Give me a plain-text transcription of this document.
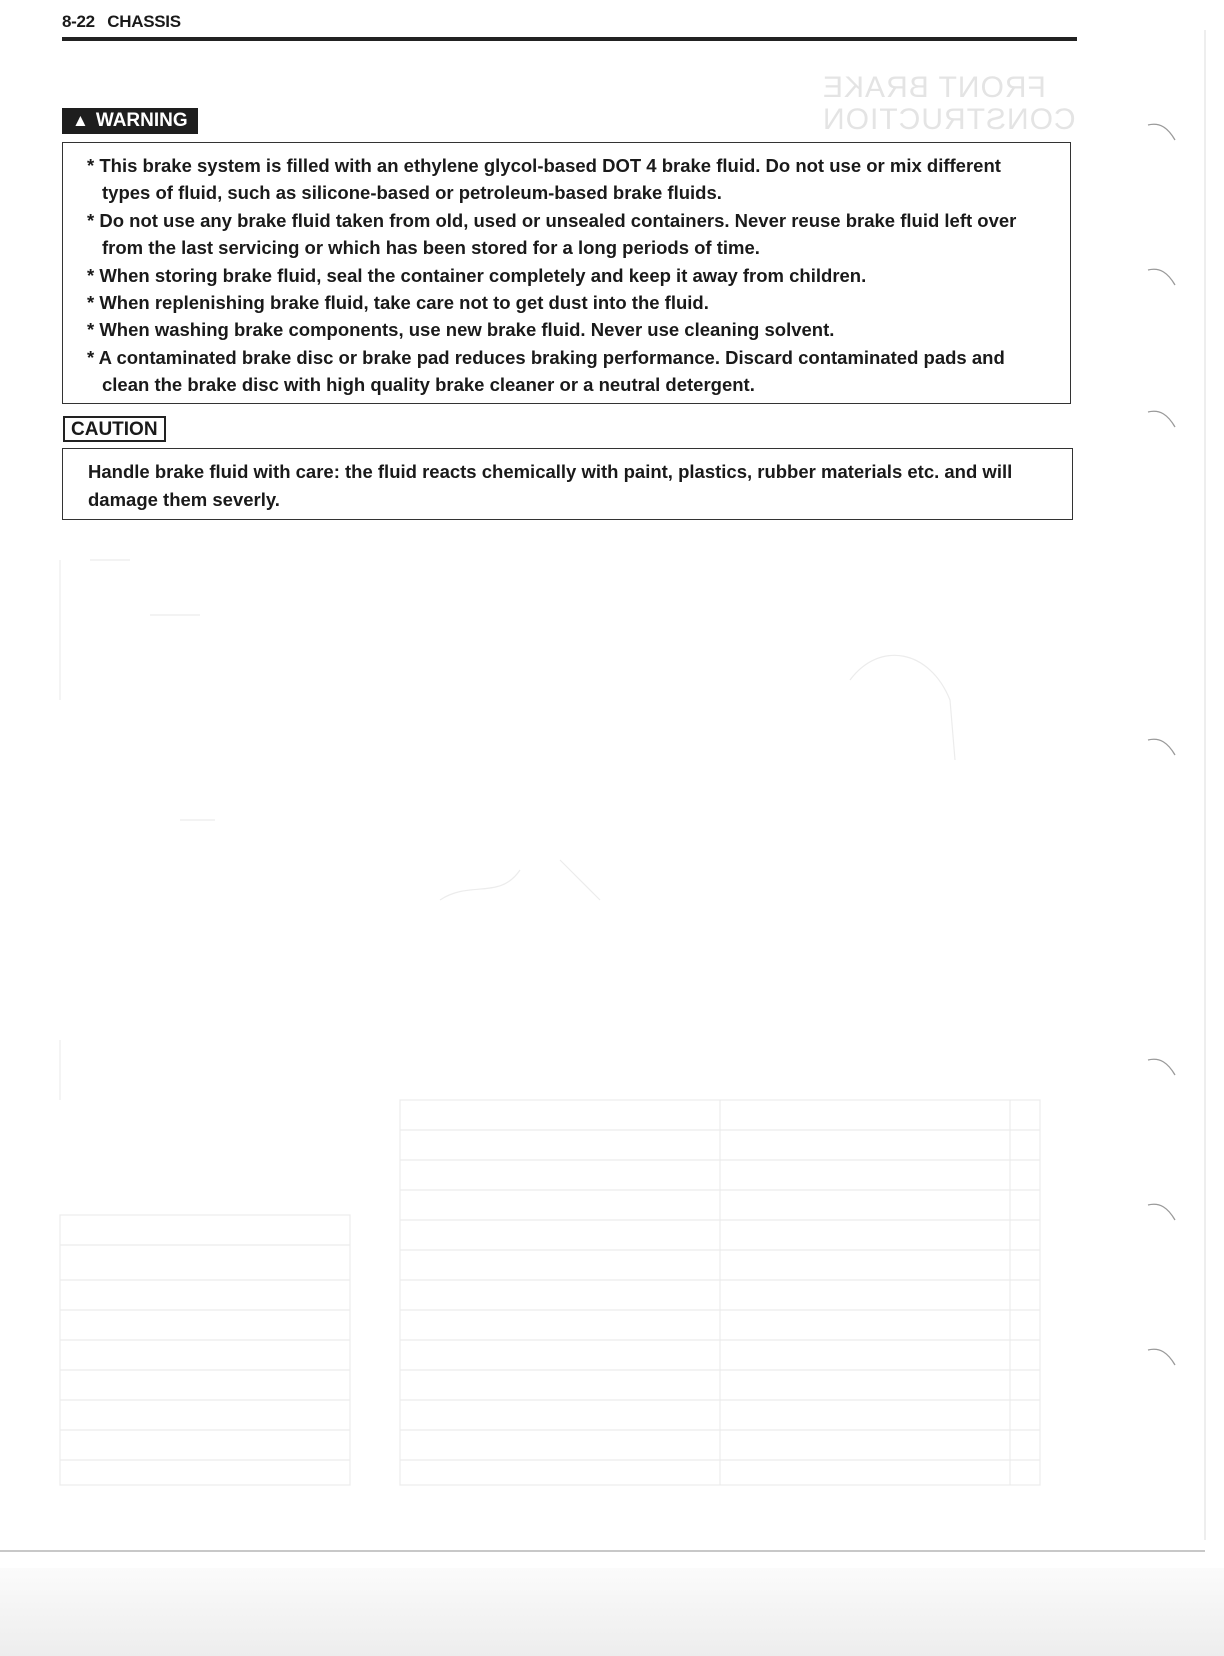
8-22 CHASSIS
FRONT BRAKE
CONSTRUCTION
▲ WARNING
* This brake system is filled with an ethylene glycol-based DOT 4 brake fluid. Do not use or mix different types of fluid, such as silicone-based or petroleum-based brake fluids.
* Do not use any brake fluid taken from old, used or unsealed containers. Never reuse brake fluid left over from the last servicing or which has been stored for a long periods of time.
* When storing brake fluid, seal the container completely and keep it away from children.
* When replenishing brake fluid, take care not to get dust into the fluid.
* When washing brake components, use new brake fluid. Never use cleaning solvent.
* A contaminated brake disc or brake pad reduces braking performance. Discard contaminated pads and clean the brake disc with high quality brake cleaner or a neutral detergent.
CAUTION
Handle brake fluid with care: the fluid reacts chemically with paint, plastics, rubber materials etc. and will damage them severly.
